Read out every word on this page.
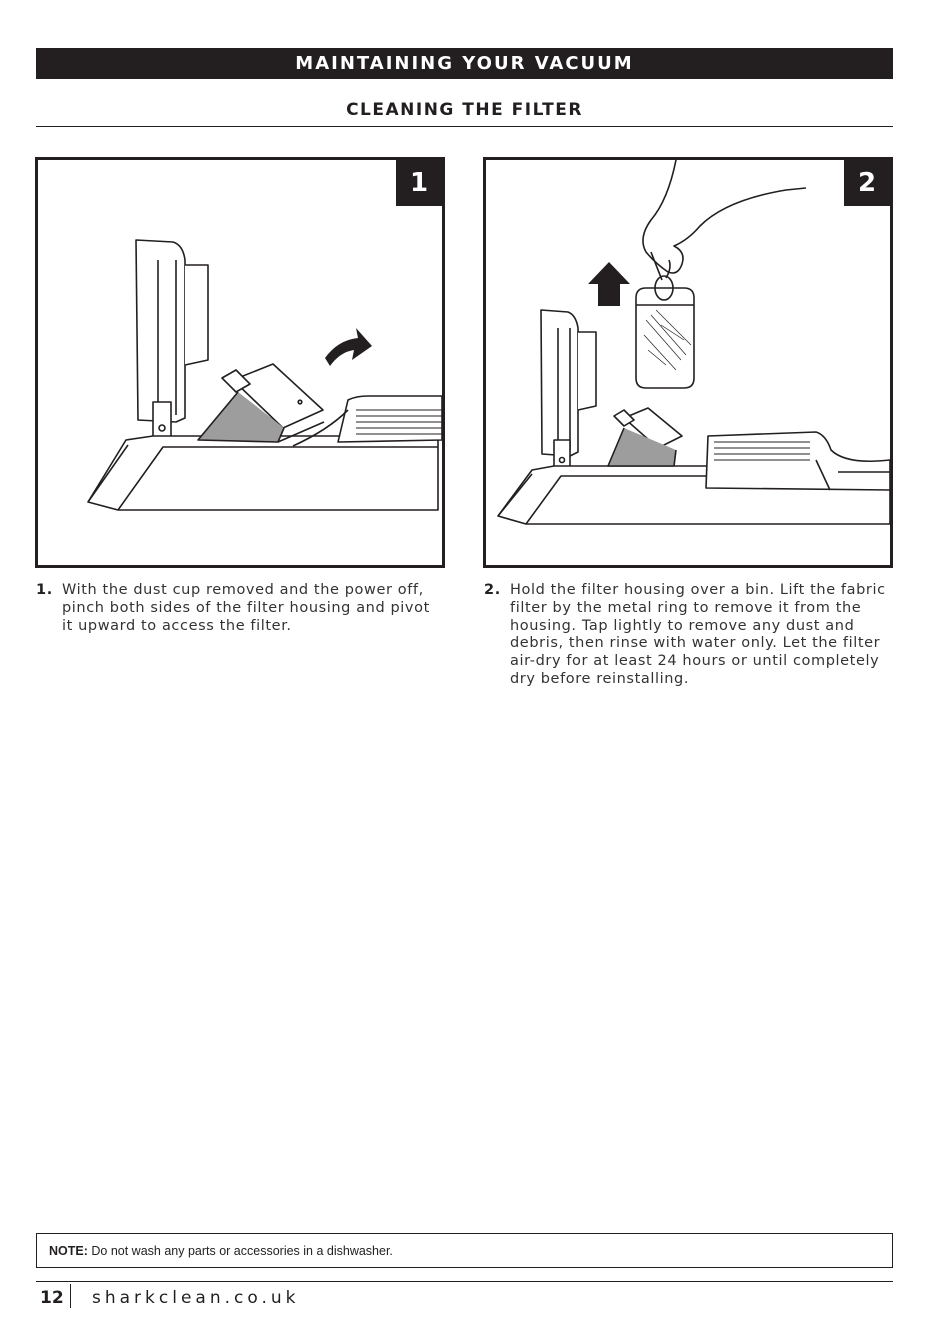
MAINTAINING YOUR VACUUM
CLEANING THE FILTER
1	2
1. With the dust cup removed and the power off, pinch both sides of the filter housing and pivot it upward to access the filter.
2. Hold the filter housing over a bin. Lift the fabric filter by the metal ring to remove it from the housing. Tap lightly to remove any dust and debris, then rinse with water only. Let the filter air-dry for at least 24 hours or until completely dry before reinstalling.
NOTE: Do not wash any parts or accessories in a dishwasher.
12 sharkclean.co.uk
